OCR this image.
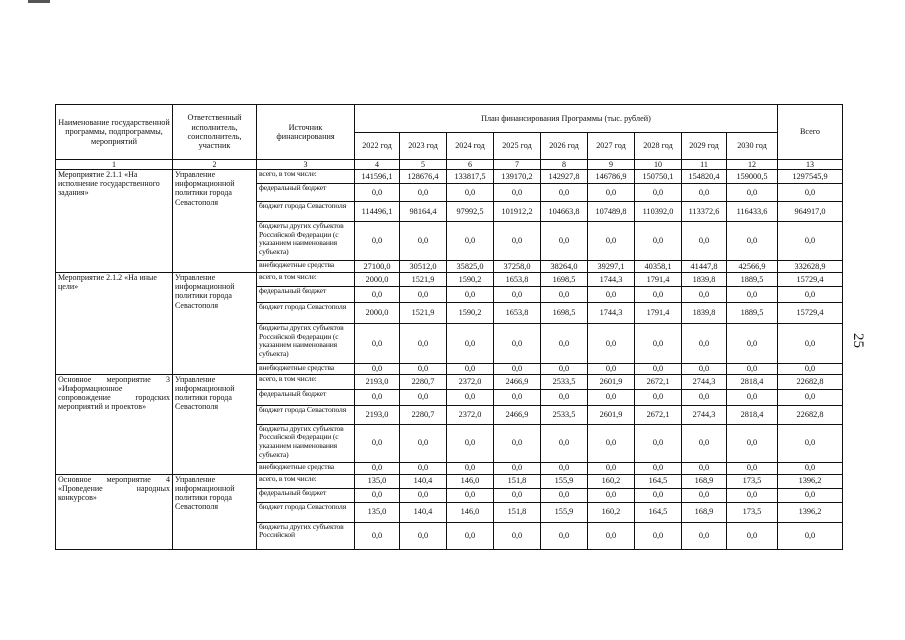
25
Наименование государственной программы, подпрограммы, мероприятий	Ответственный исполнитель, соисполнитель, участник	Источник финансирования	План финансирования Программы (тыс. рублей)									Всего
			2022 год	2023 год	2024 год	2025 год	2026 год	2027 год	2028 год	2029 год	2030 год	
1	2	3	4	5	6	7	8	9	10	11	12	13
Мероприятие 2.1.1 «На исполнение государственного задания»	Управление информационной политики города Севастополя	всего, в том числе:	141596,1	128676,4	133817,5	139170,2	142927,8	146786,9	150750,1	154820,4	159000,5	1297545,9
		федеральный бюджет	0,0	0,0	0,0	0,0	0,0	0,0	0,0	0,0	0,0	0,0
		бюджет города Севастополя	114496,1	98164,4	97992,5	101912,2	104663,8	107489,8	110392,0	113372,6	116433,6	964917,0
		бюджеты других субъектов Российской Федерации (с указанием наименования субъекта)	0,0	0,0	0,0	0,0	0,0	0,0	0,0	0,0	0,0	0,0
		внебюджетные средства	27100,0	30512,0	35825,0	37258,0	38264,0	39297,1	40358,1	41447,8	42566,9	332628,9
Мероприятие 2.1.2 «На иные цели»	Управление информационной политики города Севастополя	всего, в том числе:	2000,0	1521,9	1590,2	1653,8	1698,5	1744,3	1791,4	1839,8	1889,5	15729,4
		федеральный бюджет	0,0	0,0	0,0	0,0	0,0	0,0	0,0	0,0	0,0	0,0
		бюджет города Севастополя	2000,0	1521,9	1590,2	1653,8	1698,5	1744,3	1791,4	1839,8	1889,5	15729,4
		бюджеты других субъектов Российской Федерации (с указанием наименования субъекта)	0,0	0,0	0,0	0,0	0,0	0,0	0,0	0,0	0,0	0,0
		внебюджетные средства	0,0	0,0	0,0	0,0	0,0	0,0	0,0	0,0	0,0	0,0
Основное мероприятие 3 «Информационное сопровождение городских мероприятий и проектов»	Управление информационной политики города Севастополя	всего, в том числе:	2193,0	2280,7	2372,0	2466,9	2533,5	2601,9	2672,1	2744,3	2818,4	22682,8
		федеральный бюджет	0,0	0,0	0,0	0,0	0,0	0,0	0,0	0,0	0,0	0,0
		бюджет города Севастополя	2193,0	2280,7	2372,0	2466,9	2533,5	2601,9	2672,1	2744,3	2818,4	22682,8
		бюджеты других субъектов Российской Федерации (с указанием наименования субъекта)	0,0	0,0	0,0	0,0	0,0	0,0	0,0	0,0	0,0	0,0
		внебюджетные средства	0,0	0,0	0,0	0,0	0,0	0,0	0,0	0,0	0,0	0,0
Основное мероприятие 4 «Проведение народных конкурсов»	Управление информационной политики города Севастополя	всего, в том числе:	135,0	140,4	146,0	151,8	155,9	160,2	164,5	168,9	173,5	1396,2
		федеральный бюджет	0,0	0,0	0,0	0,0	0,0	0,0	0,0	0,0	0,0	0,0
		бюджет города Севастополя	135,0	140,4	146,0	151,8	155,9	160,2	164,5	168,9	173,5	1396,2
		бюджеты других субъектов Российской	0,0	0,0	0,0	0,0	0,0	0,0	0,0	0,0	0,0	0,0
